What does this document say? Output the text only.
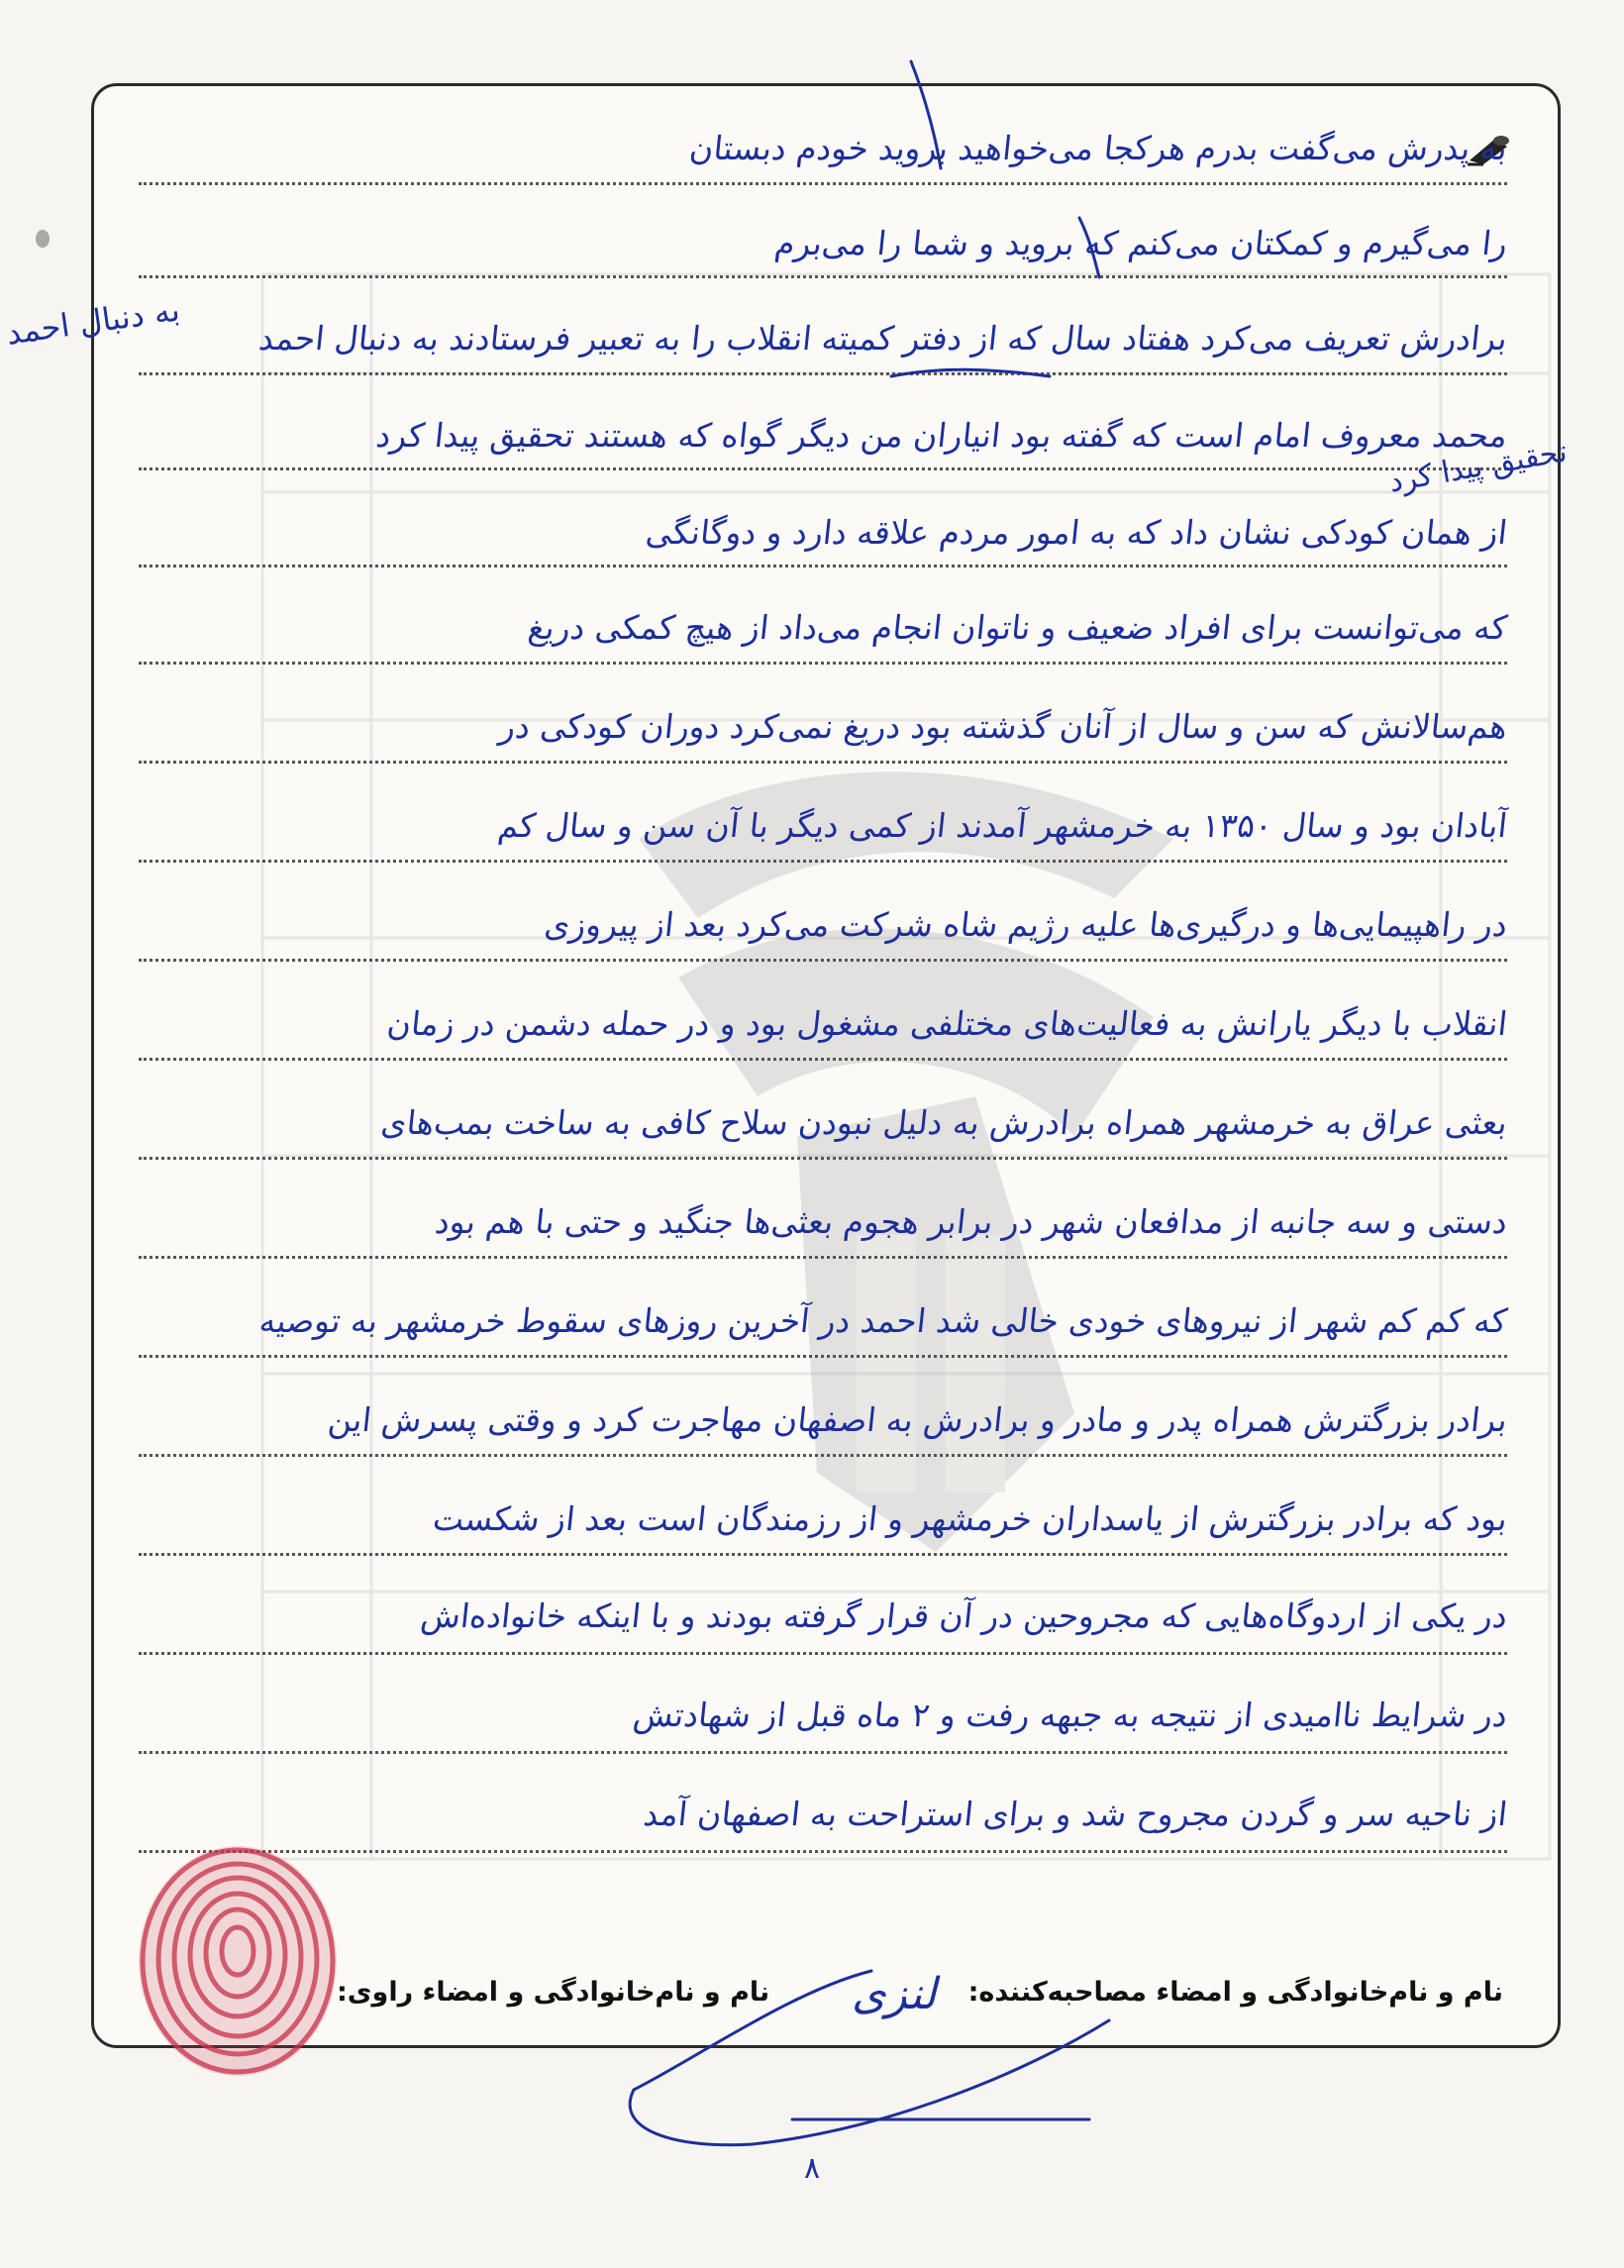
به پدرش می‌گفت بدرم هرکجا می‌خواهید بروید خودم دبستان
را می‌گیرم و کمکتان می‌کنم که بروید و شما را می‌برم
برادرش تعریف می‌کرد هفتاد سال که از دفتر کمیته انقلاب را به تعبیر فرستادند به دنبال احمد
محمد معروف امام است که گفته بود انیاران من دیگر گواه که هستند تحقیق پیدا کرد
از همان کودکی نشان داد که به امور مردم علاقه دارد و دوگانگی
که می‌توانست برای افراد ضعیف و ناتوان انجام می‌داد از هیچ کمکی دریغ
هم‌سالانش که سن و سال از آنان گذشته بود دریغ نمی‌کرد دوران کودکی در
آبادان بود و سال ۱۳۵۰ به خرمشهر آمدند از کمی دیگر با آن سن و سال کم
در راهپیمایی‌ها و درگیری‌ها علیه رژیم شاه شرکت می‌کرد بعد از پیروزی
انقلاب با دیگر یارانش به فعالیت‌های مختلفی مشغول بود و در حمله دشمن در زمان
بعثی عراق به خرمشهر همراه برادرش به دلیل نبودن سلاح کافی به ساخت بمب‌های
دستی و سه جانبه از مدافعان شهر در برابر هجوم بعثی‌ها جنگید و حتی با هم بود
که کم کم شهر از نیروهای خودی خالی شد احمد در آخرین روزهای سقوط خرمشهر به توصیه
برادر بزرگترش همراه پدر و مادر و برادرش به اصفهان مهاجرت کرد و وقتی پسرش این
بود که برادر بزرگترش از یاسداران خرمشهر و از رزمندگان است بعد از شکست
در یکی از اردوگاه‌هایی که مجروحین در آن قرار گرفته بودند و با اینکه خانواده‌اش
در شرایط ناامیدی از نتیجه به جبهه رفت و ۲ ماه قبل از شهادتش
از ناحیه سر و گردن مجروح شد و برای استراحت به اصفهان آمد
به دنبال احمد
تحقیق پیدا کرد
نام و نام‌خانوادگی و امضاء مصاحبه‌کننده:
نام و نام‌خانوادگی و امضاء راوی: لنزی
۸
